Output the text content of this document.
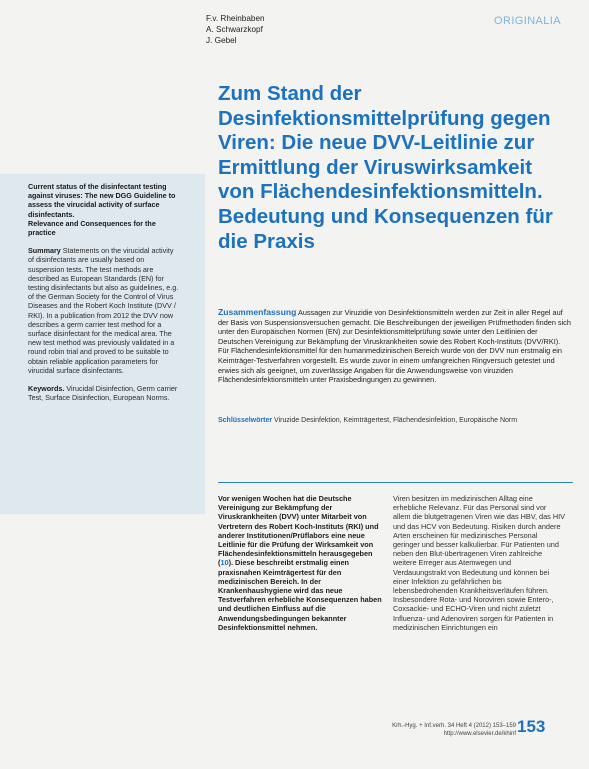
F.v. Rheinbaben
A. Schwarzkopf
J. Gebel
ORIGINALIA
Zum Stand der Desinfektionsmittelprüfung gegen Viren: Die neue DVV-Leitlinie zur Ermittlung der Viruswirksamkeit von Flächendesinfektionsmitteln. Bedeutung und Konsequenzen für die Praxis
Current status of the disinfectant testing against viruses: The new DGG Guideline to assess the virucidal activity of surface disinfectants.
Relevance and Consequences for the practice
Summary Statements on the virucidal activity of disinfectants are usually based on suspension tests. The test methods are described as European Standards (EN) for testing disinfectants but also as guidelines, e.g. of the German Society for the Control of Virus Diseases and the Robert Koch Institute (DVV / RKI). In a publication from 2012 the DVV now describes a germ carrier test method for a surface disinfectant for the medical area. The new test method was previously validated in a round robin trial and proved to be suitable to obtain reliable application parameters for virucidal surface disinfectants.
Keywords. Virucidal Disinfection, Germ carrier Test, Surface Disinfection, European Norms.
Zusammenfassung Aussagen zur Viruzidie von Desinfektionsmitteln werden zur Zeit in aller Regel auf der Basis von Suspensionsversuchen gemacht. Die Beschreibungen der jeweiligen Prüfmethoden finden sich unter den Europäischen Normen (EN) zur Desinfektionsmittelprüfung sowie unter den Leitlinien der Deutschen Vereinigung zur Bekämpfung der Viruskrankheiten sowie des Robert Koch-Instituts (DVV/RKI). Für Flächendesinfektionsmittel für den humanmedizinischen Bereich wurde von der DVV nun erstmalig ein Keimträger-Testverfahren vorgestellt. Es wurde zuvor in einem umfangreichen Ringversuch getestet und erwies sich als geeignet, um zuverlässige Angaben für die Anwendungsweise von viruziden Flächendesinfektionsmitteln unter Praxisbedingungen zu gewinnen.
Schlüsselwörter Viruzide Desinfektion, Keimträgertest, Flächendesinfektion, Europäische Norm
Vor wenigen Wochen hat die Deutsche Vereinigung zur Bekämpfung der Viruskrankheiten (DVV) unter Mitarbeit von Vertretern des Robert Koch-Instituts (RKI) und anderer Institutionen/Prüflabors eine neue Leitlinie für die Prüfung der Wirksamkeit von Flächendesinfektionsmitteln herausgegeben (10). Diese beschreibt erstmalig einen praxisnahen Keimträgertest für den medizinischen Bereich. In der Krankenhaushygiene wird das neue Testverfahren erhebliche Konsequenzen haben und deutlichen Einfluss auf die Anwendungsbedingungen bekannter Desinfektionsmittel nehmen.
Viren besitzen im medizinischen Alltag eine erhebliche Relevanz. Für das Personal sind vor allem die blutgetragenen Viren wie das HBV, das HIV und das HCV von Bedeutung. Risiken durch andere Arten erscheinen für medizinisches Personal geringer und besser kalkulierbar. Für Patienten und neben den Blut-übertragenen Viren zahlreiche weitere Erreger aus Atemwegen und Verdauungstrakt von Bedeutung und können bei einer Infektion zu gefährlichen bis lebensbedrohenden Krankheitsverläufen führen. Insbesondere Rota- und Noroviren sowie Entero-, Coxsackie- und ECHO-Viren und nicht zuletzt Influenza- und Adenoviren sorgen für Patienten in medizinischen Einrichtungen ein
Krh.-Hyg. + Inf.verh. 34 Heft 4 (2012) 153–159
http://www.elsevier.de/khinf 153
